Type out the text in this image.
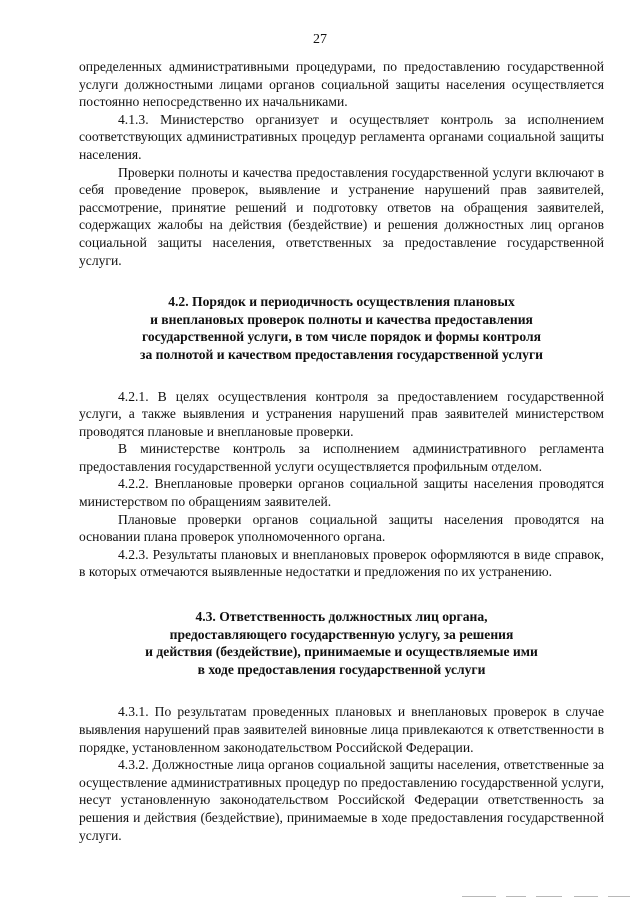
27

определенных административными процедурами, по предоставлению государственной услуги должностными лицами органов социальной защиты населения осуществляется постоянно непосредственно их начальниками.

4.1.3. Министерство организует и осуществляет контроль за исполнением соответствующих административных процедур регламента органами социальной защиты населения.

Проверки полноты и качества предоставления государственной услуги включают в себя проведение проверок, выявление и устранение нарушений прав заявителей, рассмотрение, принятие решений и подготовку ответов на обращения заявителей, содержащих жалобы на действия (бездействие) и решения должностных лиц органов социальной защиты населения, ответственных за предоставление государственной услуги.

4.2. Порядок и периодичность осуществления плановых
и внеплановых проверок полноты и качества предоставления
государственной услуги, в том числе порядок и формы контроля
за полнотой и качеством предоставления государственной услуги

4.2.1. В целях осуществления контроля за предоставлением государственной услуги, а также выявления и устранения нарушений прав заявителей министерством проводятся плановые и внеплановые проверки.

В министерстве контроль за исполнением административного регламента предоставления государственной услуги осуществляется профильным отделом.

4.2.2. Внеплановые проверки органов социальной защиты населения проводятся министерством по обращениям заявителей.

Плановые проверки органов социальной защиты населения проводятся на основании плана проверок уполномоченного органа.

4.2.3. Результаты плановых и внеплановых проверок оформляются в виде справок, в которых отмечаются выявленные недостатки и предложения по их устранению.

4.3. Ответственность должностных лиц органа,
предоставляющего государственную услугу, за решения
и действия (бездействие), принимаемые и осуществляемые ими
в ходе предоставления государственной услуги

4.3.1. По результатам проведенных плановых и внеплановых проверок в случае выявления нарушений прав заявителей виновные лица привлекаются к ответственности в порядке, установленном законодательством Российской Федерации.

4.3.2. Должностные лица органов социальной защиты населения, ответственные за осуществление административных процедур по предоставлению государственной услуги, несут установленную законодательством Российской Федерации ответственность за решения и действия (бездействие), принимаемые в ходе предоставления государственной услуги.
